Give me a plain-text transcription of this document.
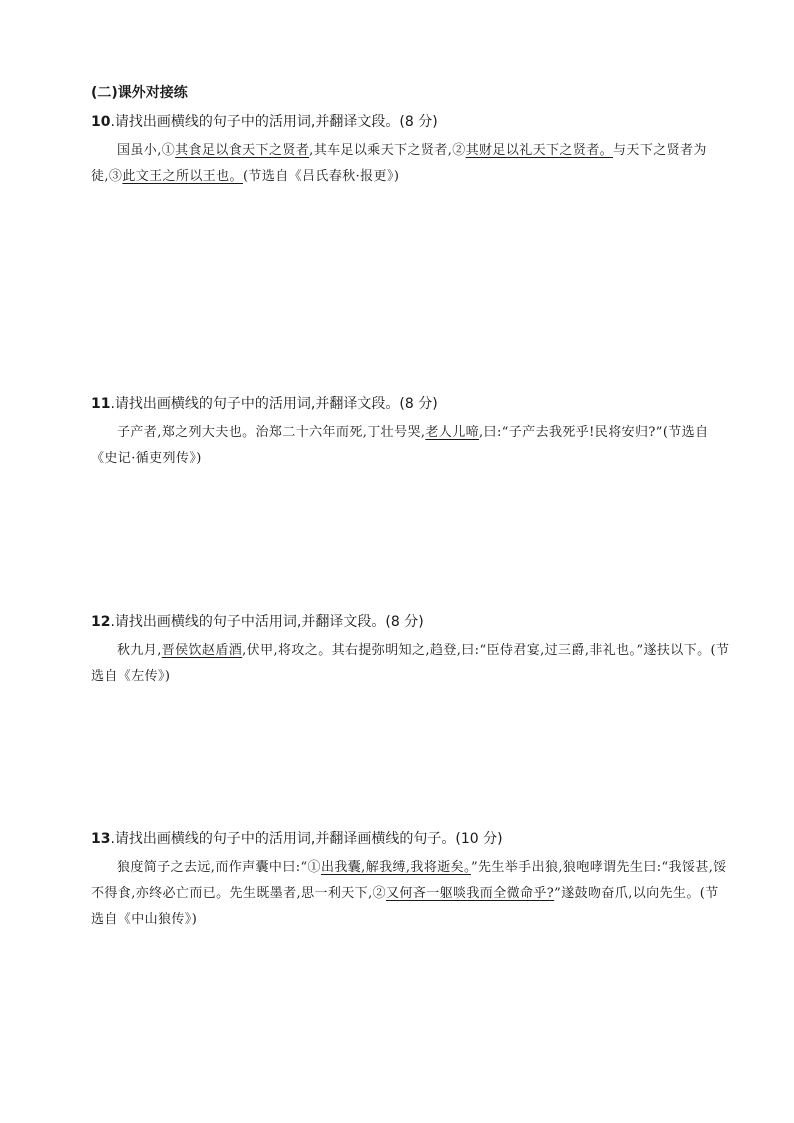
(二)课外对接练
10.请找出画横线的句子中的活用词,并翻译文段。(8 分)
国虽小,①其食足以食天下之贤者,其车足以乘天下之贤者,②其财足以礼天下之贤者。与天下之贤者为徒,③此文王之所以王也。(节选自《吕氏春秋·报更》)
11.请找出画横线的句子中的活用词,并翻译文段。(8 分)
子产者,郑之列大夫也。治郑二十六年而死,丁壮号哭,老人儿啼,曰:“子产去我死乎!民将安归?”(节选自《史记·循吏列传》)
12.请找出画横线的句子中活用词,并翻译文段。(8 分)
秋九月,晋侯饮赵盾酒,伏甲,将攻之。其右提弥明知之,趋登,曰:“臣侍君宴,过三爵,非礼也。”遂扶以下。(节选自《左传》)
13.请找出画横线的句子中的活用词,并翻译画横线的句子。(10 分)
狼度简子之去远,而作声囊中曰:“①出我囊,解我缚,我将逝矣。”先生举手出狼,狼咆哮谓先生曰:“我馁甚,馁不得食,亦终必亡而已。先生既墨者,思一利天下,②又何吝一躯啖我而全微命乎?”遂鼓吻奋爪,以向先生。(节选自《中山狼传》)
